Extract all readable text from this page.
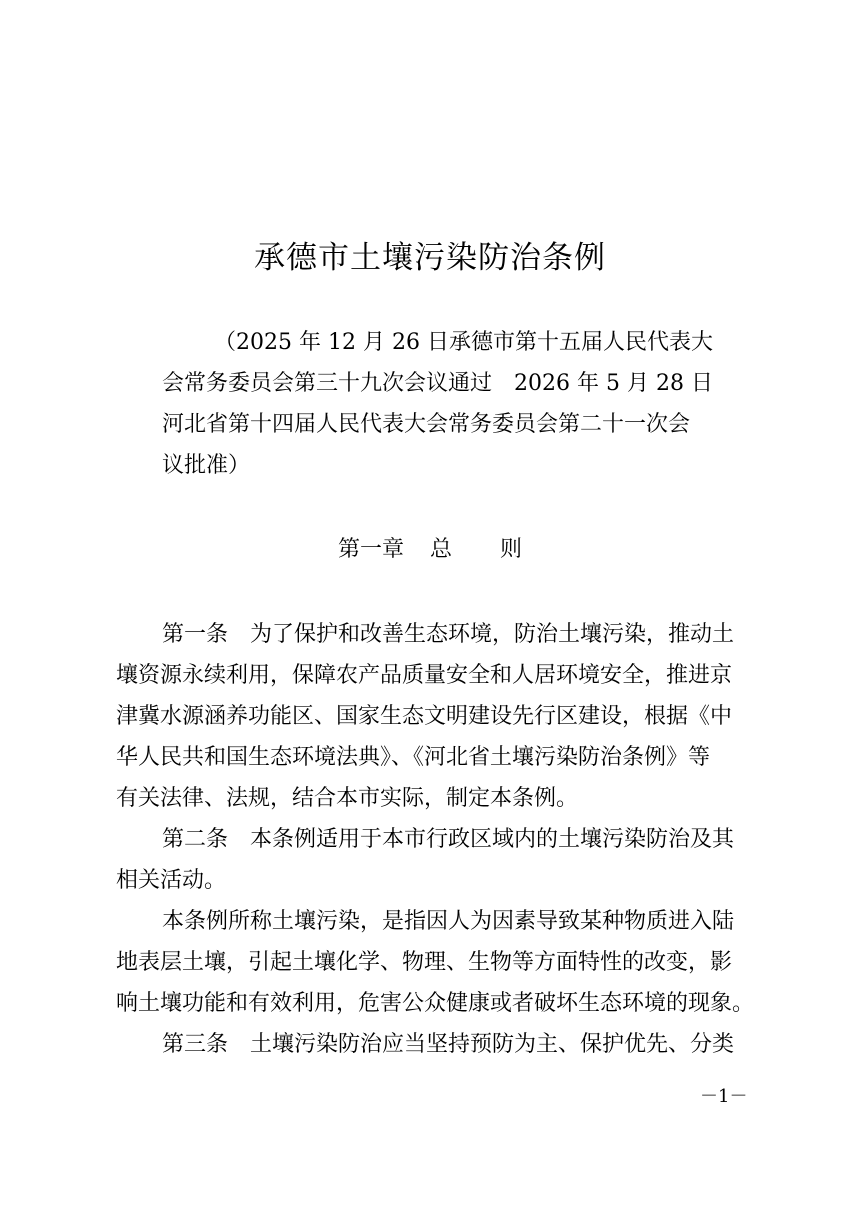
承德市土壤污染防治条例
（2025 年 12 月 26 日承德市第十五届人民代表大
会常务委员会第三十九次会议通过　2026 年 5 月 28 日
河北省第十四届人民代表大会常务委员会第二十一次会
议批准）
第一章 总 则
第一条 为了保护和改善生态环境，防治土壤污染，推动土
壤资源永续利用，保障农产品质量安全和人居环境安全，推进京
津冀水源涵养功能区、国家生态文明建设先行区建设，根据《中
华人民共和国生态环境法典》、《河北省土壤污染防治条例》等
有关法律、法规，结合本市实际，制定本条例。
第二条 本条例适用于本市行政区域内的土壤污染防治及其
相关活动。
本条例所称土壤污染，是指因人为因素导致某种物质进入陆
地表层土壤，引起土壤化学、物理、生物等方面特性的改变，影
响土壤功能和有效利用，危害公众健康或者破坏生态环境的现象。
第三条 土壤污染防治应当坚持预防为主、保护优先、分类
－1－
